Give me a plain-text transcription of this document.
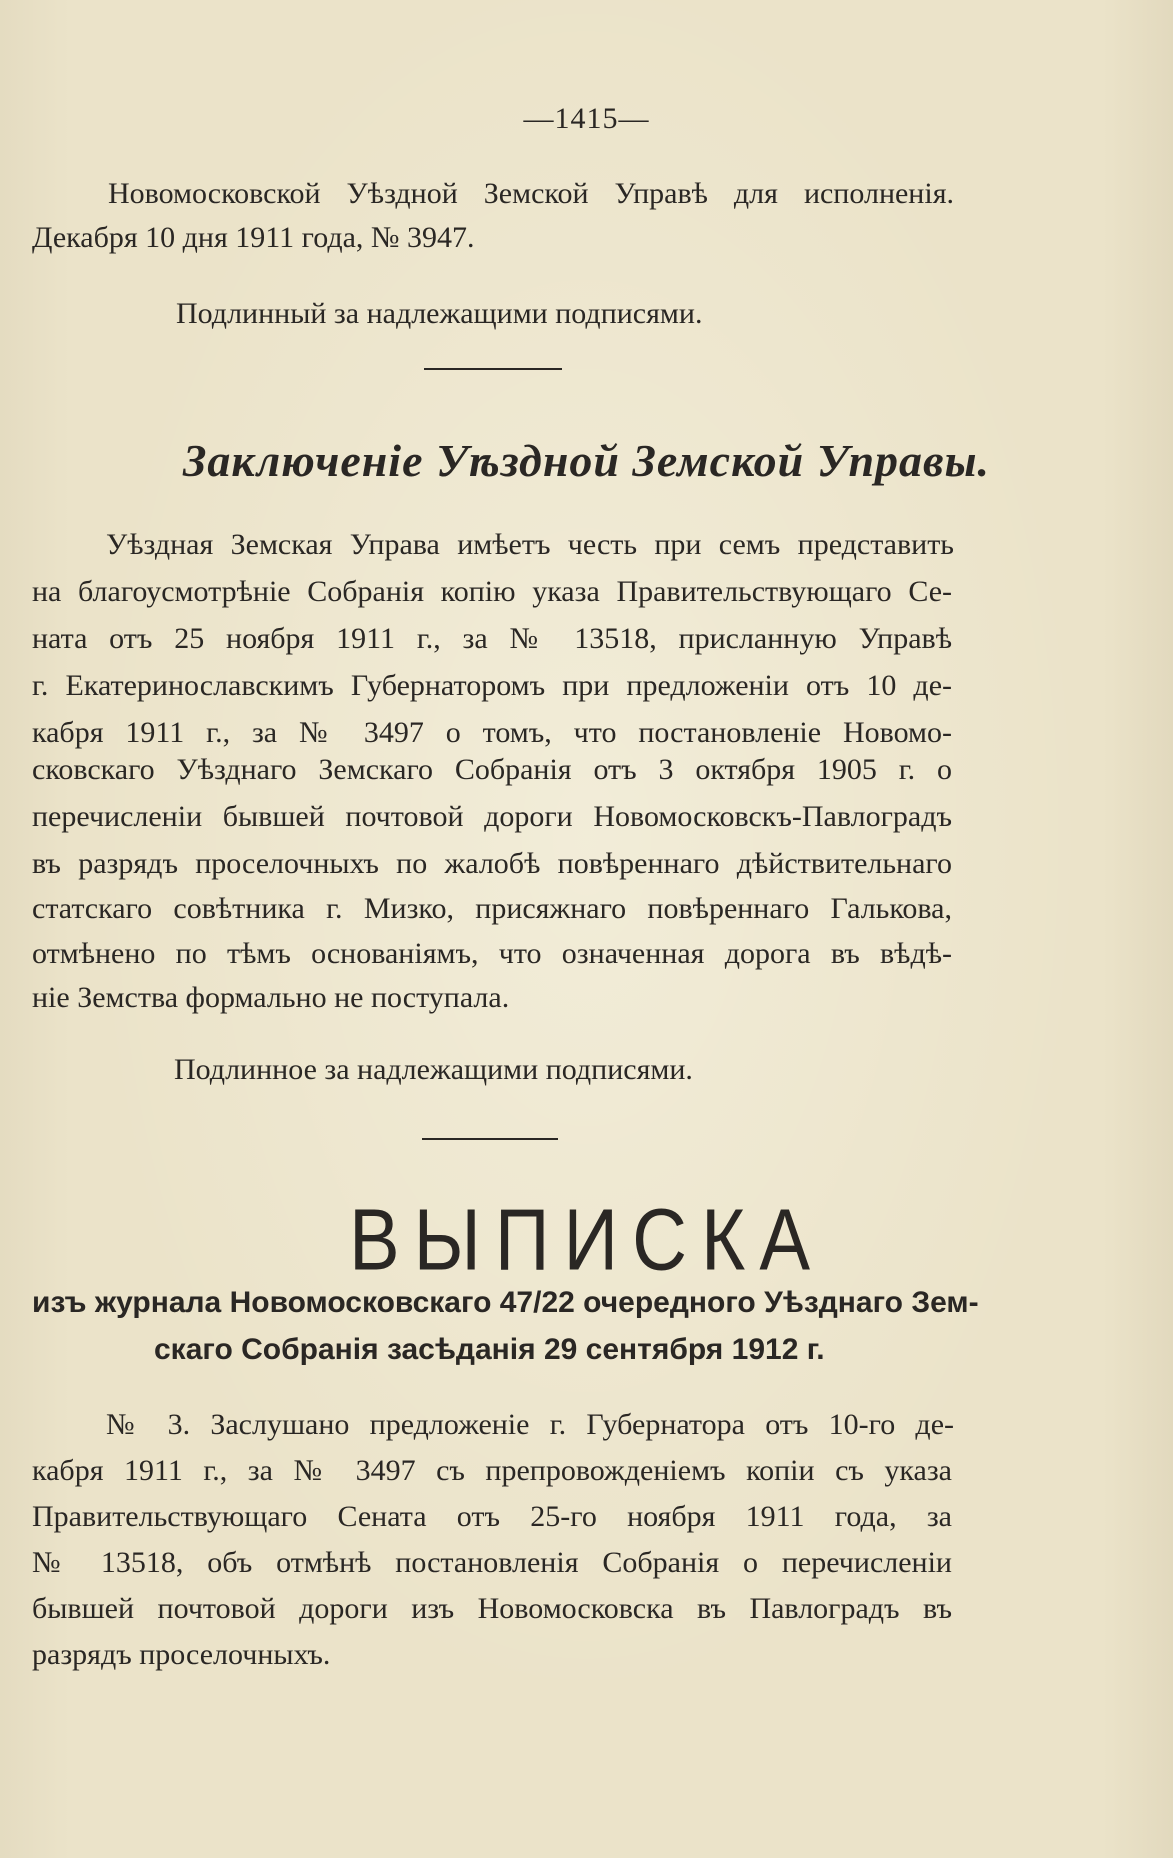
—1415—
Новомосковской Уѣздной Земской Управѣ для исполненія.
Декабря 10 дня 1911 года, № 3947.
Подлинный за надлежащими подписями.
Заключеніе Уѣздной Земской Управы.
Уѣздная Земская Управа имѣетъ честь при семъ представить
на благоусмотрѣніе Собранія копію указа Правительствующаго Се-
ната отъ 25 ноября 1911 г., за № 13518, присланную Управѣ
г. Екатеринославскимъ Губернаторомъ при предложеніи отъ 10 де-
кабря 1911 г., за № 3497 о томъ, что постановленіе Новомо-
сковскаго Уѣзднаго Земскаго Собранія отъ 3 октября 1905 г. о
перечисленіи бывшей почтовой дороги Новомосковскъ-Павлоградъ
въ разрядъ проселочныхъ по жалобѣ повѣреннаго дѣйствительнаго
статскаго совѣтника г. Мизко, присяжнаго повѣреннаго Галькова,
отмѣнено по тѣмъ основаніямъ, что означенная дорога въ вѣдѣ-
ніе Земства формально не поступала.
Подлинное за надлежащими подписями.
ВЫПИСКА
изъ журнала Новомосковскаго 47/22 очередного Уѣзднаго Зем-
скаго Собранія засѣданія 29 сентября 1912 г.
№ 3. Заслушано предложеніе г. Губернатора отъ 10-го де-
кабря 1911 г., за № 3497 съ препровожденіемъ копіи съ указа
Правительствующаго Сената отъ 25-го ноября 1911 года, за
№ 13518, объ отмѣнѣ постановленія Собранія о перечисленіи
бывшей почтовой дороги изъ Новомосковска въ Павлоградъ въ
разрядъ проселочныхъ.
